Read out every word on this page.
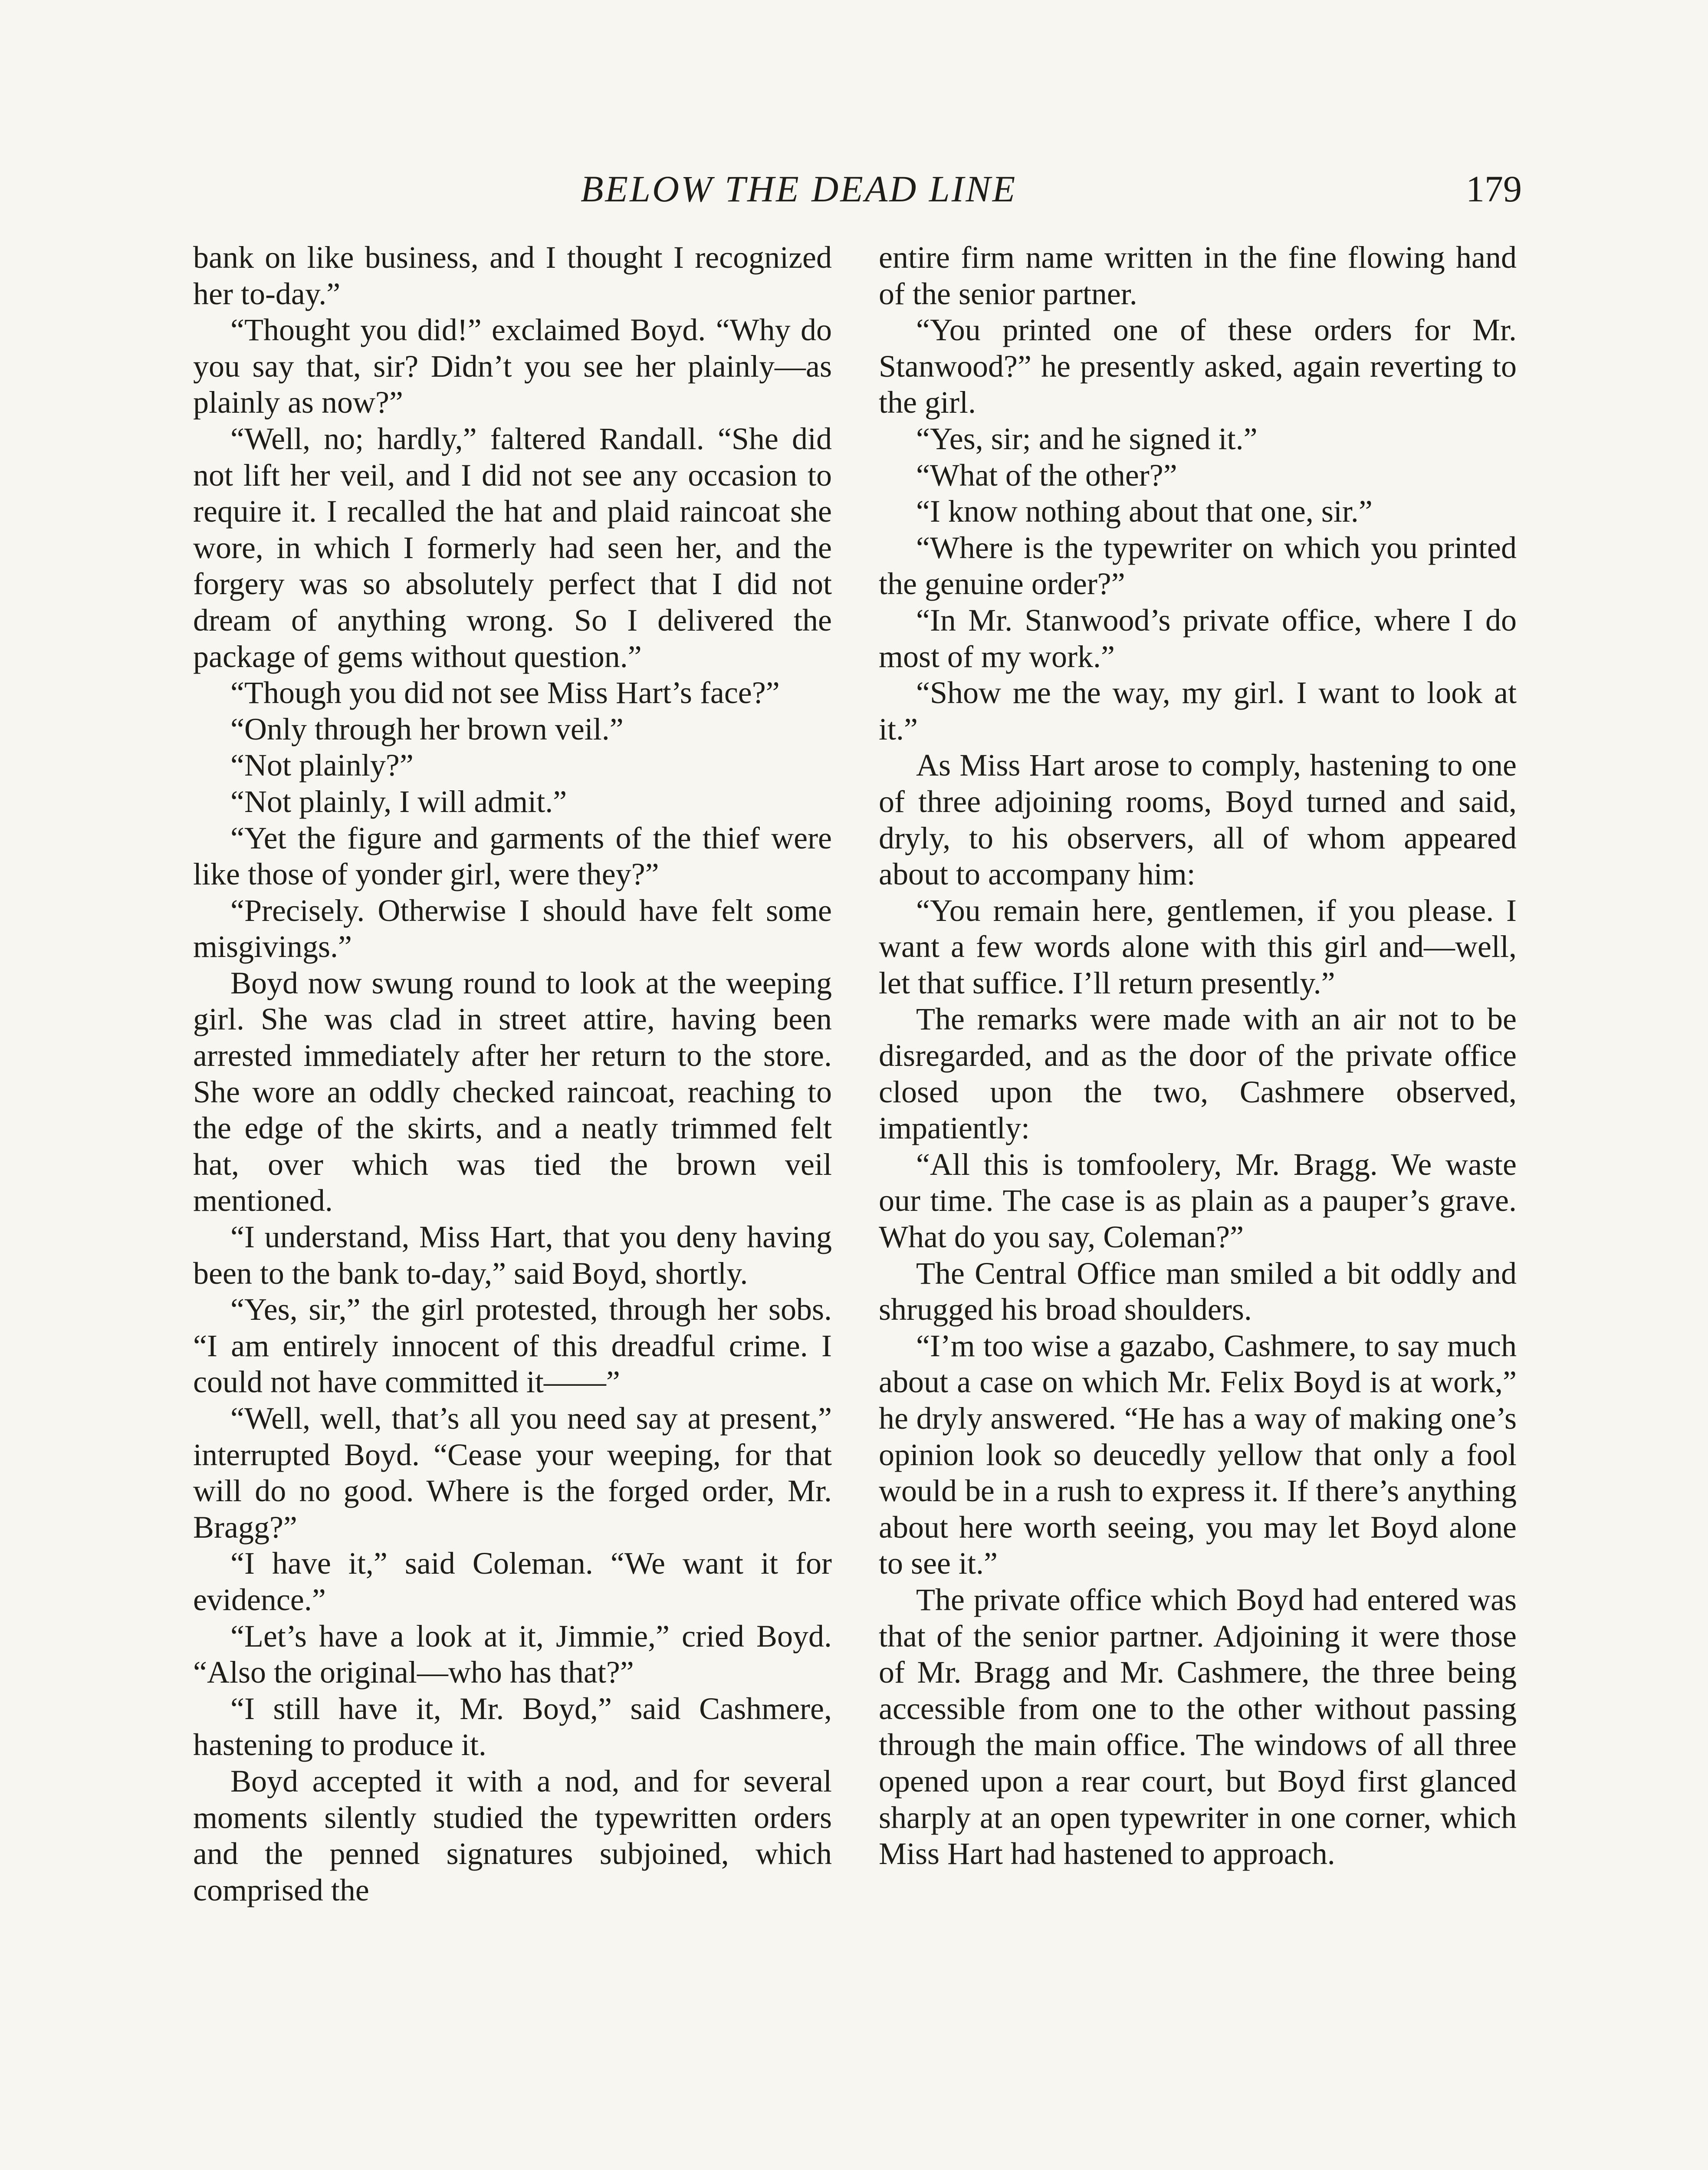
BELOW THE DEAD LINE	179

bank on like business, and I thought I recognized her to-day.”

“Thought you did!” exclaimed Boyd. “Why do you say that, sir? Didn’t you see her plainly—as plainly as now?”

“Well, no; hardly,” faltered Randall. “She did not lift her veil, and I did not see any occasion to require it. I recalled the hat and plaid raincoat she wore, in which I formerly had seen her, and the forgery was so absolutely perfect that I did not dream of anything wrong. So I delivered the package of gems without question.”

“Though you did not see Miss Hart’s face?”

“Only through her brown veil.”

“Not plainly?”

“Not plainly, I will admit.”

“Yet the figure and garments of the thief were like those of yonder girl, were they?”

“Precisely. Otherwise I should have felt some misgivings.”

Boyd now swung round to look at the weeping girl. She was clad in street attire, having been arrested immediately after her return to the store. She wore an oddly checked raincoat, reaching to the edge of the skirts, and a neatly trimmed felt hat, over which was tied the brown veil mentioned.

“I understand, Miss Hart, that you deny having been to the bank to-day,” said Boyd, shortly.

“Yes, sir,” the girl protested, through her sobs. “I am entirely innocent of this dreadful crime. I could not have committed it——”

“Well, well, that’s all you need say at present,” interrupted Boyd. “Cease your weeping, for that will do no good. Where is the forged order, Mr. Bragg?”

“I have it,” said Coleman. “We want it for evidence.”

“Let’s have a look at it, Jimmie,” cried Boyd. “Also the original—who has that?”

“I still have it, Mr. Boyd,” said Cashmere, hastening to produce it.

Boyd accepted it with a nod, and for several moments silently studied the typewritten orders and the penned signatures subjoined, which comprised the

entire firm name written in the fine flowing hand of the senior partner.

“You printed one of these orders for Mr. Stanwood?” he presently asked, again reverting to the girl.

“Yes, sir; and he signed it.”

“What of the other?”

“I know nothing about that one, sir.”

“Where is the typewriter on which you printed the genuine order?”

“In Mr. Stanwood’s private office, where I do most of my work.”

“Show me the way, my girl. I want to look at it.”

As Miss Hart arose to comply, hastening to one of three adjoining rooms, Boyd turned and said, dryly, to his observers, all of whom appeared about to accompany him:

“You remain here, gentlemen, if you please. I want a few words alone with this girl and—well, let that suffice. I’ll return presently.”

The remarks were made with an air not to be disregarded, and as the door of the private office closed upon the two, Cashmere observed, impatiently:

“All this is tomfoolery, Mr. Bragg. We waste our time. The case is as plain as a pauper’s grave. What do you say, Coleman?”

The Central Office man smiled a bit oddly and shrugged his broad shoulders.

“I’m too wise a gazabo, Cashmere, to say much about a case on which Mr. Felix Boyd is at work,” he dryly answered. “He has a way of making one’s opinion look so deucedly yellow that only a fool would be in a rush to express it. If there’s anything about here worth seeing, you may let Boyd alone to see it.”

The private office which Boyd had entered was that of the senior partner. Adjoining it were those of Mr. Bragg and Mr. Cashmere, the three being accessible from one to the other without passing through the main office. The windows of all three opened upon a rear court, but Boyd first glanced sharply at an open typewriter in one corner, which Miss Hart had hastened to approach.
